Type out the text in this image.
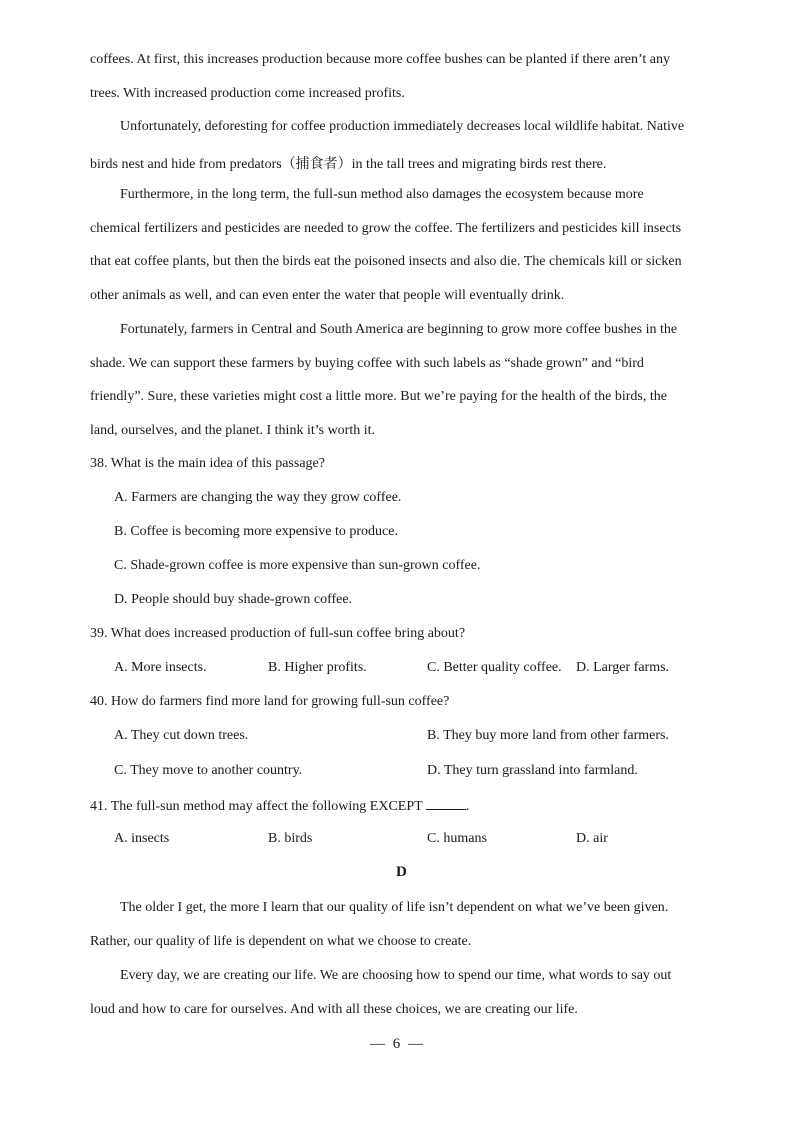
coffees. At first, this increases production because more coffee bushes can be planted if there aren’t any
trees. With increased production come increased profits.
Unfortunately, deforesting for coffee production immediately decreases local wildlife habitat. Native
birds nest and hide from predators（捕食者）in the tall trees and migrating birds rest there.
Furthermore, in the long term, the full-sun method also damages the ecosystem because more
chemical fertilizers and pesticides are needed to grow the coffee. The fertilizers and pesticides kill insects
that eat coffee plants, but then the birds eat the poisoned insects and also die. The chemicals kill or sicken
other animals as well, and can even enter the water that people will eventually drink.
Fortunately, farmers in Central and South America are beginning to grow more coffee bushes in the
shade. We can support these farmers by buying coffee with such labels as “shade grown” and “bird
friendly”. Sure, these varieties might cost a little more. But we’re paying for the health of the birds, the
land, ourselves, and the planet. I think it’s worth it.
38. What is the main idea of this passage?
A. Farmers are changing the way they grow coffee.
B. Coffee is becoming more expensive to produce.
C. Shade-grown coffee is more expensive than sun-grown coffee.
D. People should buy shade-grown coffee.
39. What does increased production of full-sun coffee bring about?
A. More insects.	B. Higher profits.	C. Better quality coffee. D. Larger farms.
40. How do farmers find more land for growing full-sun coffee?
A. They cut down trees.	B. They buy more land from other farmers.
C. They move to another country.	D. They turn grassland into farmland.
41. The full-sun method may affect the following EXCEPT	.
A. insects	B. birds	C. humans	D. air
D
The older I get, the more I learn that our quality of life isn’t dependent on what we’ve been given.
Rather, our quality of life is dependent on what we choose to create.
Every day, we are creating our life. We are choosing how to spend our time, what words to say out
loud and how to care for ourselves. And with all these choices, we are creating our life.
— 6 —
